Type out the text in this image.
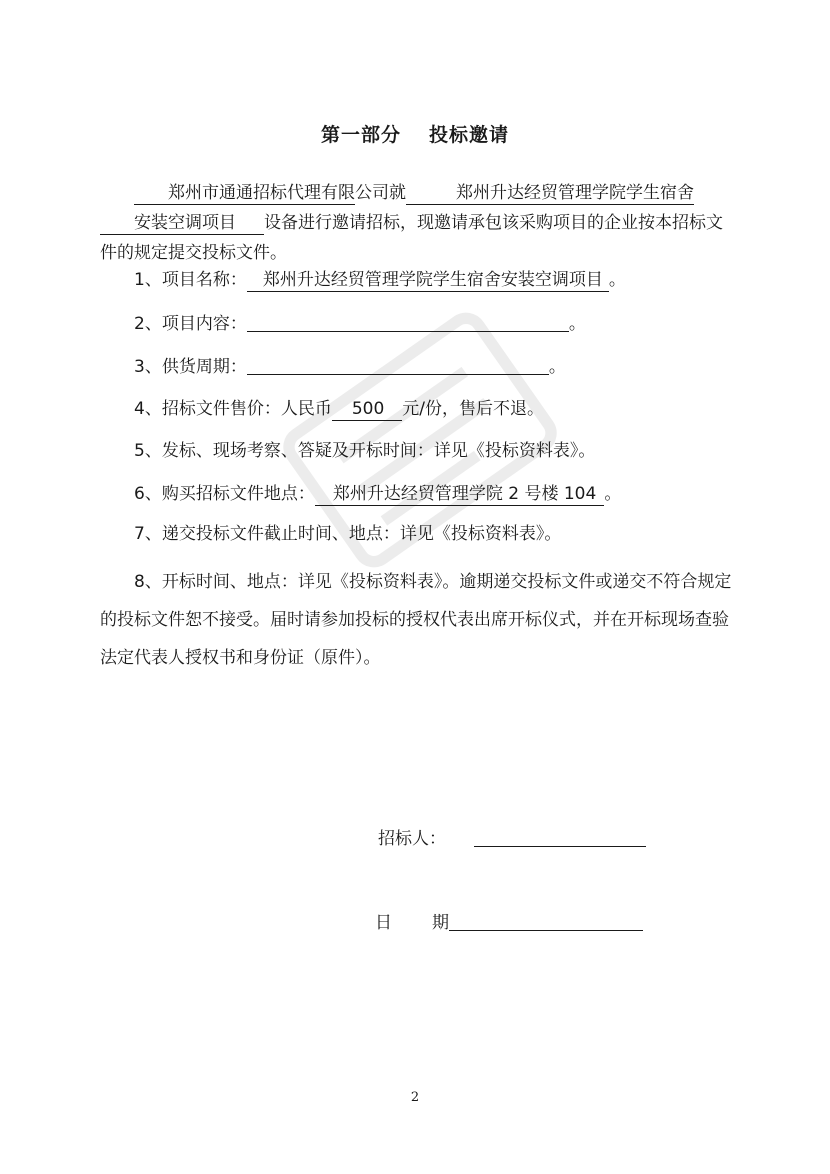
第一部分 投标邀请

郑州市通通招标代理有限公司就	郑州升达经贸管理学院学生宿舍安装空调项目 设备进行邀请招标，现邀请承包该采购项目的企业按本招标文件的规定提交投标文件。

1、项目名称： 郑州升达经贸管理学院学生宿舍安装空调项目 。

2、项目内容：	。

3、供货周期：	。

4、招标文件售价：人民币 500 元/份，售后不退。

5、发标、现场考察、答疑及开标时间：详见《投标资料表》。

6、购买招标文件地点： 郑州升达经贸管理学院 2 号楼 104 。

7、递交投标文件截止时间、地点：详见《投标资料表》。

8、开标时间、地点：详见《投标资料表》。逾期递交投标文件或递交不符合规定的投标文件恕不接受。届时请参加投标的授权代表出席开标仪式，并在开标现场查验法定代表人授权书和身份证（原件）。

招标人：

日 期

2
